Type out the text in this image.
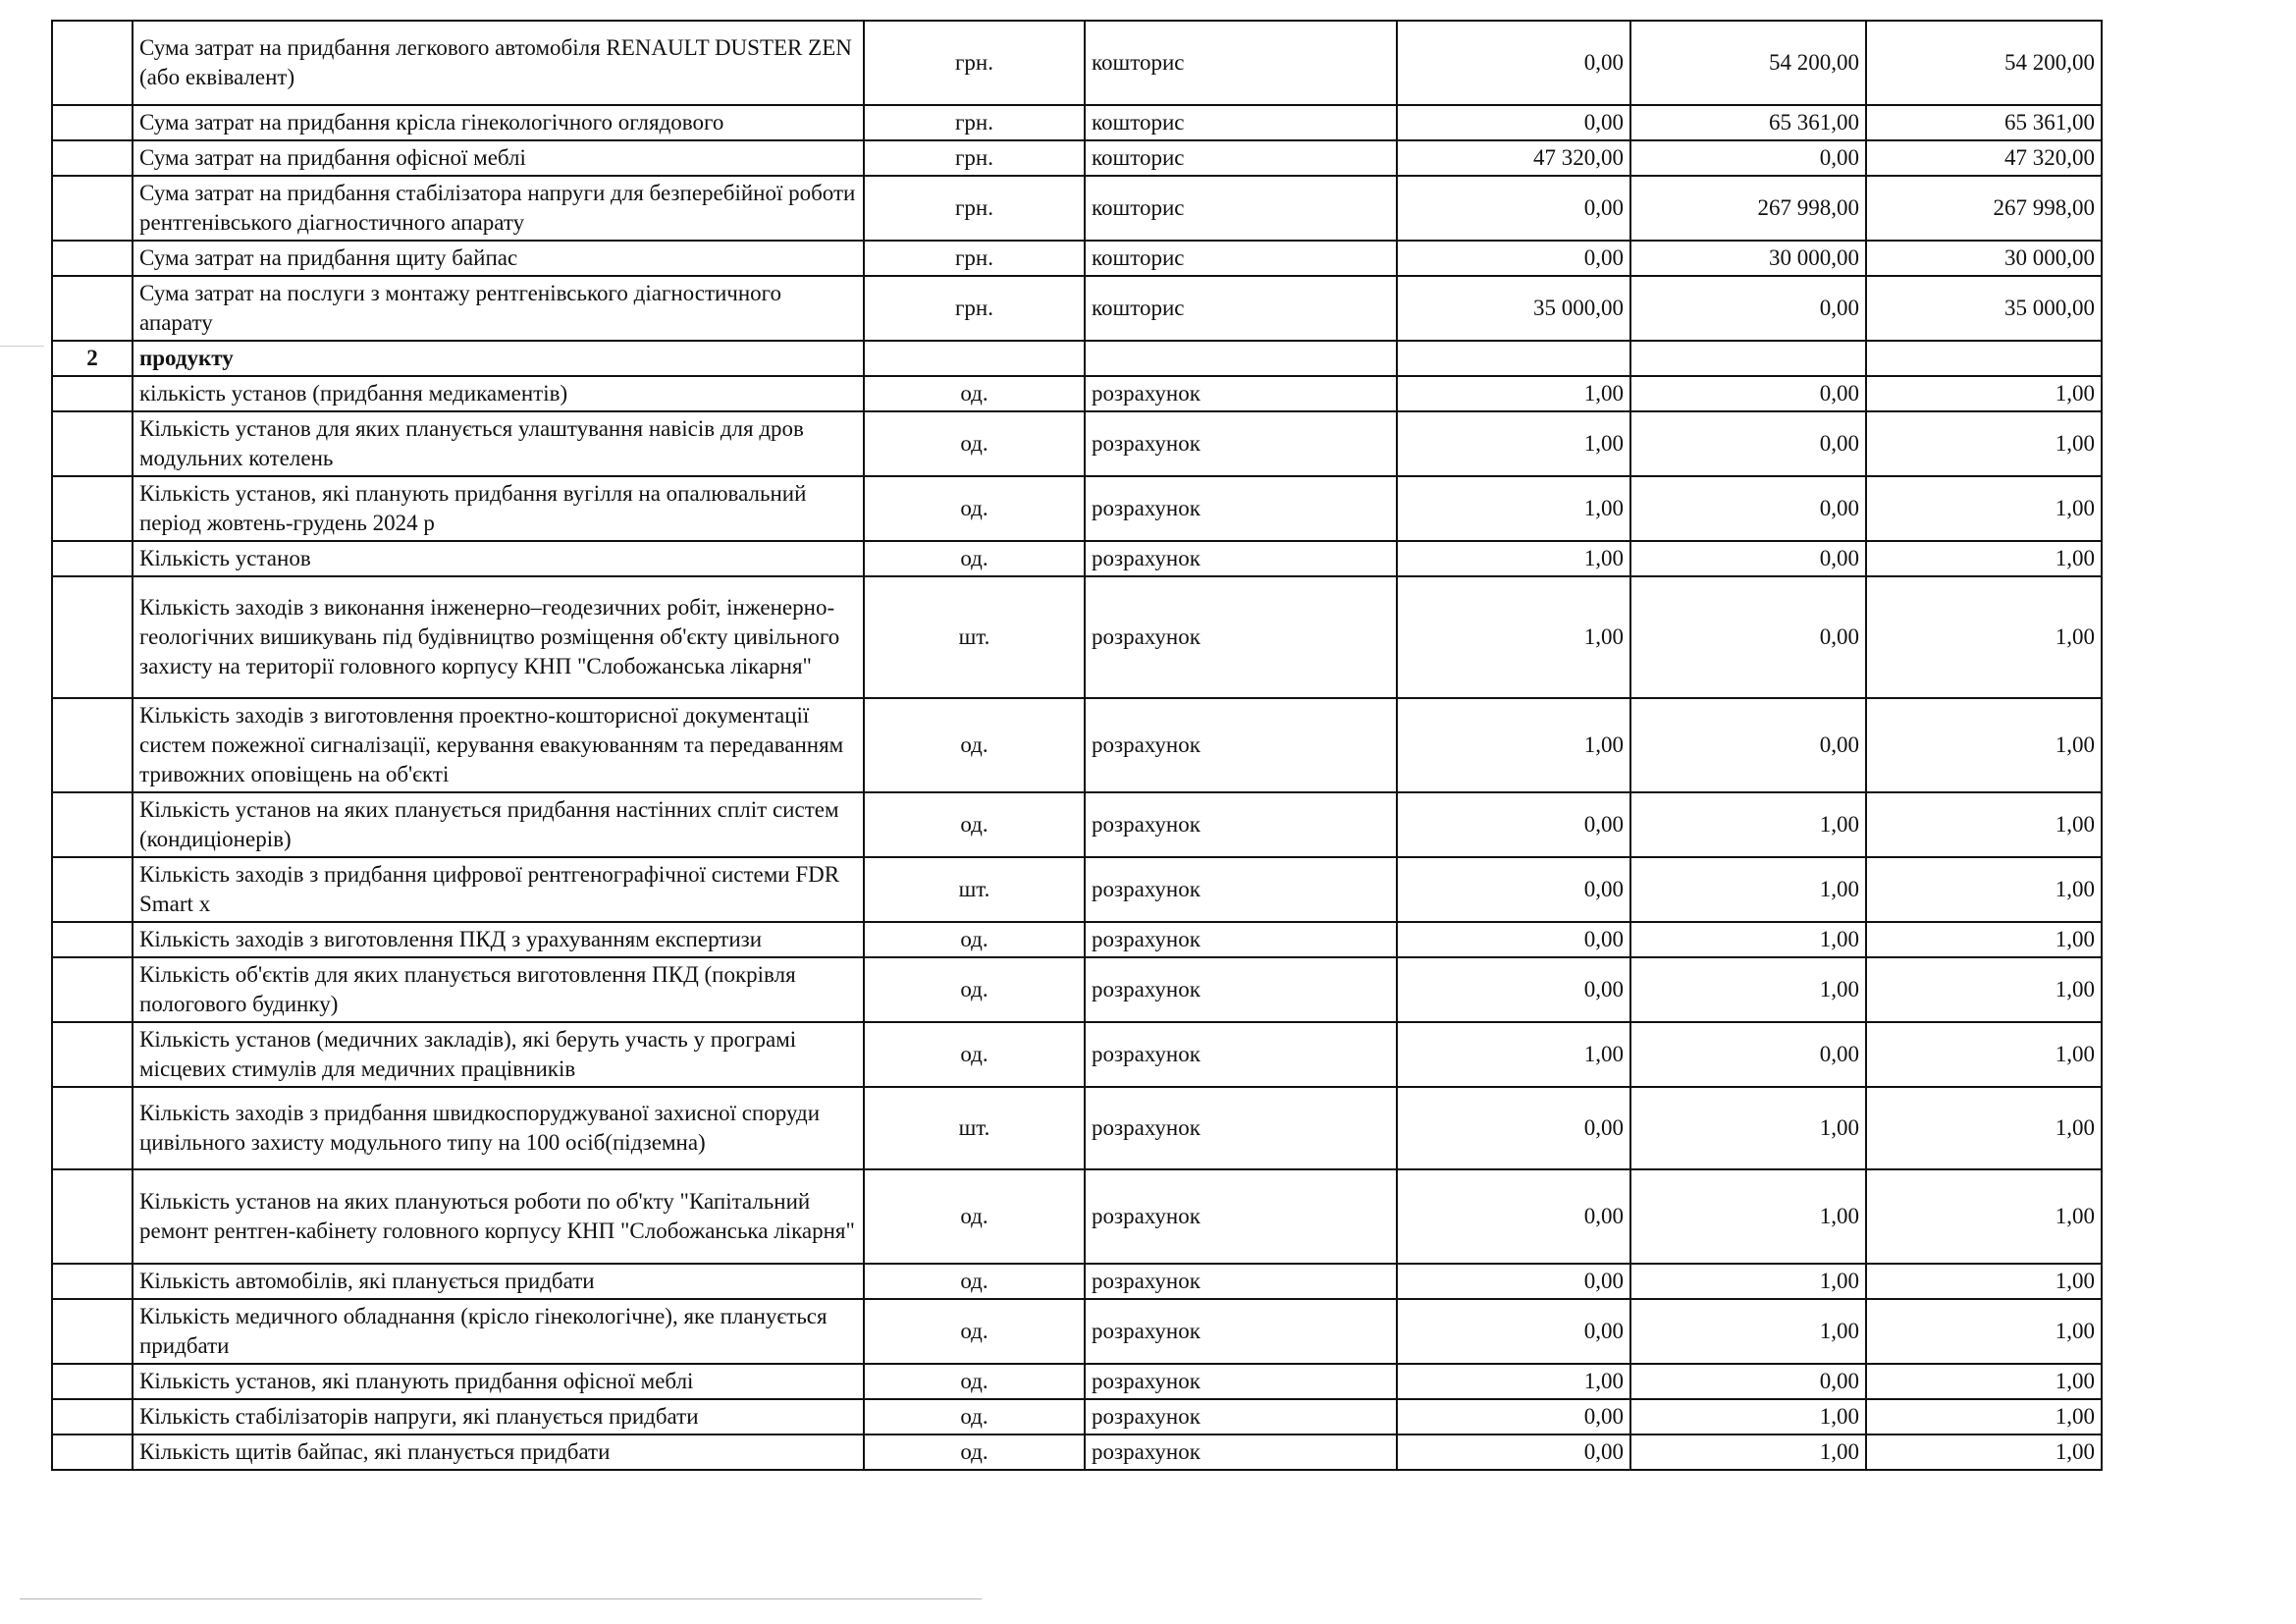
	Сума затрат на придбання легкового автомобіля RENAULT DUSTER ZEN (або еквівалент)	грн.	кошторис	0,00	54 200,00	54 200,00
	Сума затрат на придбання крісла гінекологічного оглядового	грн.	кошторис	0,00	65 361,00	65 361,00
	Сума затрат на придбання офісної меблі	грн.	кошторис	47 320,00	0,00	47 320,00
	Сума затрат на придбання стабілізатора напруги для безперебійної роботи рентгенівського діагностичного апарату	грн.	кошторис	0,00	267 998,00	267 998,00
	Сума затрат на придбання щиту байпас	грн.	кошторис	0,00	30 000,00	30 000,00
	Сума затрат на послуги з монтажу рентгенівського діагностичного апарату	грн.	кошторис	35 000,00	0,00	35 000,00
2	продукту					
	кількість установ (придбання медикаментів)	од.	розрахунок	1,00	0,00	1,00
	Кількість установ для яких планується улаштування навісів для дров модульних котелень	од.	розрахунок	1,00	0,00	1,00
	Кількість установ, які планують придбання вугілля на опалювальний період жовтень-грудень 2024 р	од.	розрахунок	1,00	0,00	1,00
	Кількість установ	од.	розрахунок	1,00	0,00	1,00
	Кількість заходів з виконання інженерно–геодезичних робіт, інженерно-геологічних вишикувань під будівництво розміщення об'єкту цивільного захисту на території головного корпусу КНП "Слобожанська лікарня"	шт.	розрахунок	1,00	0,00	1,00
	Кількість заходів з виготовлення проектно-кошторисної документації систем пожежної сигналізації, керування евакуюванням та передаванням тривожних оповіщень на об'єкті	од.	розрахунок	1,00	0,00	1,00
	Кількість установ на яких планується придбання настінних спліт систем (кондиціонерів)	од.	розрахунок	0,00	1,00	1,00
	Кількість заходів з придбання цифрової рентгенографічної системи FDR Smart x	шт.	розрахунок	0,00	1,00	1,00
	Кількість заходів з виготовлення ПКД з урахуванням експертизи	од.	розрахунок	0,00	1,00	1,00
	Кількість об'єктів для яких планується виготовлення ПКД (покрівля пологового будинку)	од.	розрахунок	0,00	1,00	1,00
	Кількість установ (медичних закладів), які беруть участь у програмі місцевих стимулів для медичних працівників	од.	розрахунок	1,00	0,00	1,00
	Кількість заходів з придбання швидкоспоруджуваної захисної споруди цивільного захисту модульного типу на 100 осіб(підземна)	шт.	розрахунок	0,00	1,00	1,00
	Кількість установ на яких плануються роботи по об'кту "Капітальний ремонт рентген-кабінету головного корпусу КНП "Слобожанська лікарня"	од.	розрахунок	0,00	1,00	1,00
	Кількість автомобілів, які планується придбати	од.	розрахунок	0,00	1,00	1,00
	Кількість медичного обладнання (крісло гінекологічне), яке планується придбати	од.	розрахунок	0,00	1,00	1,00
	Кількість установ, які планують придбання офісної меблі	од.	розрахунок	1,00	0,00	1,00
	Кількість стабілізаторів напруги, які планується придбати	од.	розрахунок	0,00	1,00	1,00
	Кількість щитів байпас, які планується придбати	од.	розрахунок	0,00	1,00	1,00
